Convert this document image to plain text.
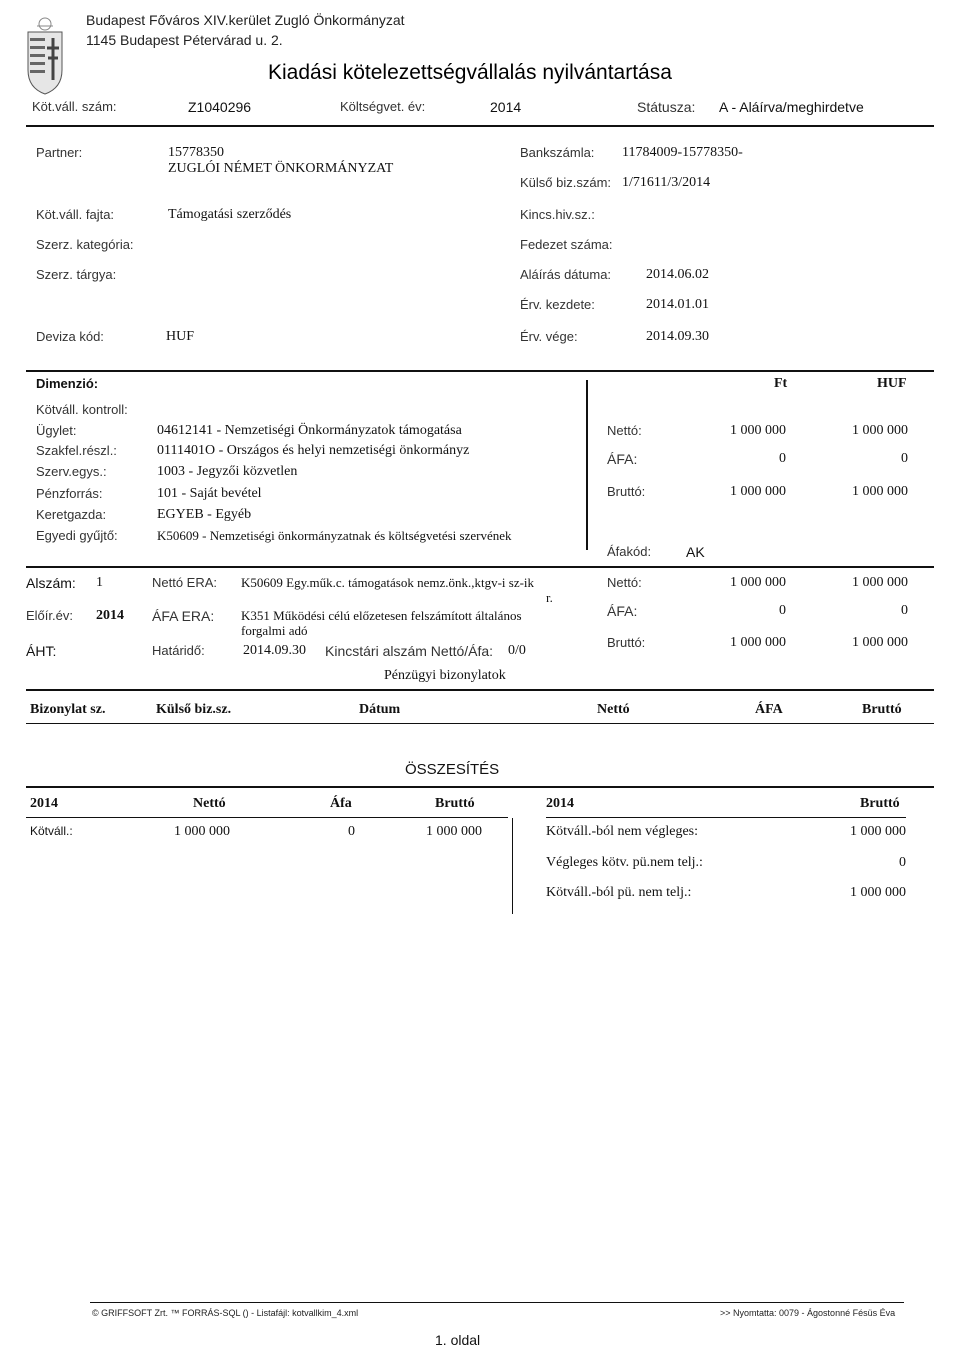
Budapest Főváros XIV.kerület Zugló Önkormányzat
1145 Budapest Pétervárad u. 2.
Kiadási kötelezettségvállalás nyilvántartása
Köt.váll. szám:	Z1040296	Költségvet. év:	2014	Státusza: A - Aláírva/meghirdetve
Partner:	15778350
ZUGLÓI NÉMET ÖNKORMÁNYZAT
Bankszámla: 11784009-15778350-
Külső biz.szám: 1/71611/3/2014
Köt.váll. fajta:	Támogatási szerződés	Kincs.hiv.sz.:
Szerz. kategória:	Fedezet száma:
Szerz. tárgya:	Aláírás dátuma: 2014.06.02
Érv. kezdete:	2014.01.01
Deviza kód:	HUF	Érv. vége:	2014.09.30
Dimenzió:	Ft	HUF
Kötváll. kontroll:
Ügylet:	04612141 - Nemzetiségi Önkormányzatok támogatása
Szakfel.részl.:	0111401O - Országos és helyi nemzetiségi önkormányz
Szerv.egys.:	1003 - Jegyzői közvetlen
Pénzforrás:	101 - Saját bevétel
Keretgazda:	EGYEB - Egyéb
Egyedi gyűjtő:	K50609 - Nemzetiségi önkormányzatnak és költségvetési szervének
Nettó:	1 000 000	1 000 000
ÁFA:	0	0
Bruttó:	1 000 000	1 000 000
Áfakód: AK
Alszám: 1
Előír.év: 2014
ÁHT:
Nettó ERA: K50609 Egy.műk.c. támogatások nemz.önk.,ktgv-i sz-ik
r.
ÁFA ERA: K351 Működési célú előzetesen felszámított általános
forgalmi adó
Határidő:	2014.09.30 Kincstári alszám Nettó/Áfa: 0/0
Nettó:	1 000 000	1 000 000
ÁFA:	0	0
Bruttó:	1 000 000	1 000 000
Pénzügyi bizonylatok
Bizonylat sz.	Külső biz.sz.	Dátum	Nettó	ÁFA	Bruttó
ÖSSZESÍTÉS
2014	Nettó	Áfa	Bruttó	2014	Bruttó
Kötváll.:	1 000 000	0	1 000 000	Kötváll.-ból nem végleges:	1 000 000
Végleges kötv. pü.nem telj.:	0
Kötváll.-ból pü. nem telj.:	1 000 000
© GRIFFSOFT Zrt. ™ FORRÁS-SQL () - Listafájl: kotvallkim_4.xml	>> Nyomtatta: 0079 - Ágostonné Fésüs Éva
1. oldal
